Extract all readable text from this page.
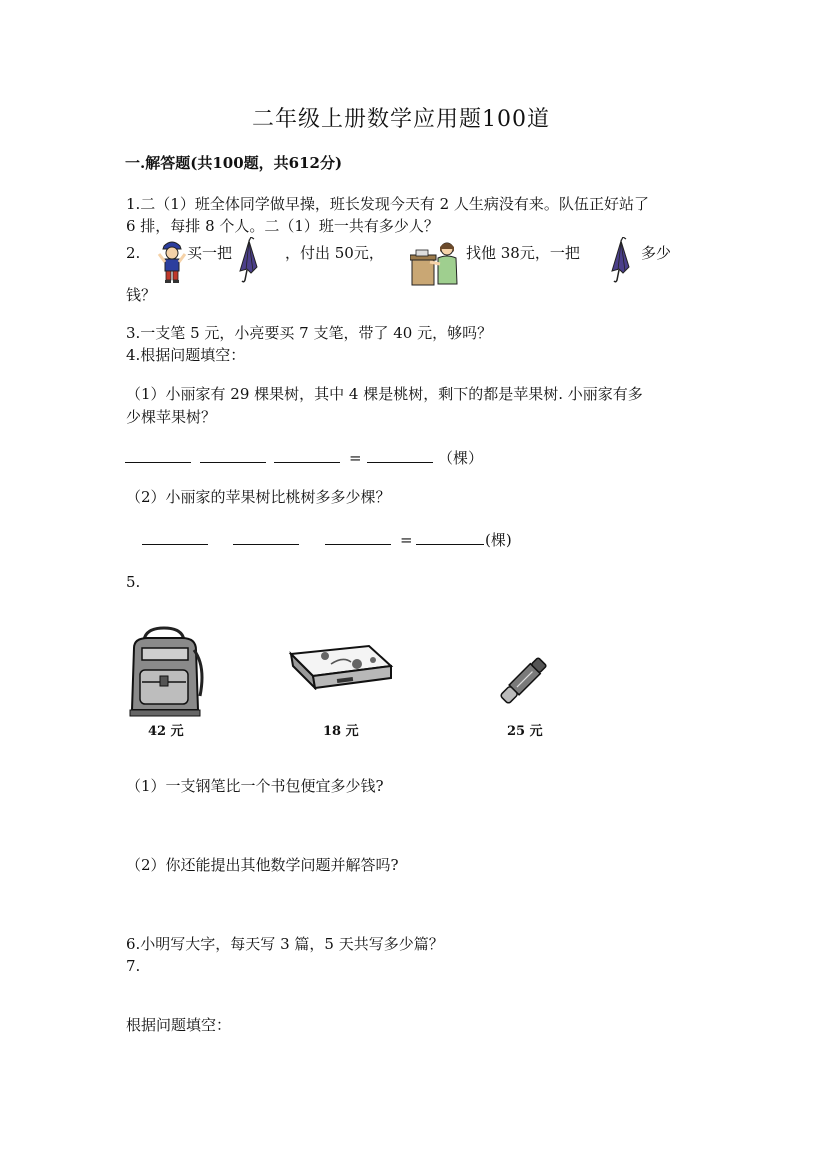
二年级上册数学应用题100道
一.解答题(共100题，共612分)
1.二（1）班全体同学做早操，班长发现今天有 2 人生病没有来。队伍正好站了
6 排，每排 8 个人。二（1）班一共有多少人？
2.	买一把	，付出 50元，	找他 38元，一把	多少
钱？
3.一支笔 5 元，小亮要买 7 支笔，带了 40 元，够吗？
4.根据问题填空：
（1）小丽家有 29 棵果树，其中 4 棵是桃树，剩下的都是苹果树. 小丽家有多
少棵苹果树？
=	（棵）
（2）小丽家的苹果树比桃树多多少棵？
=	(棵)
5.
42 元	18 元	25 元
（1）一支钢笔比一个书包便宜多少钱?
（2）你还能提出其他数学问题并解答吗?
6.小明写大字，每天写 3 篇，5 天共写多少篇？
7.
根据问题填空：
